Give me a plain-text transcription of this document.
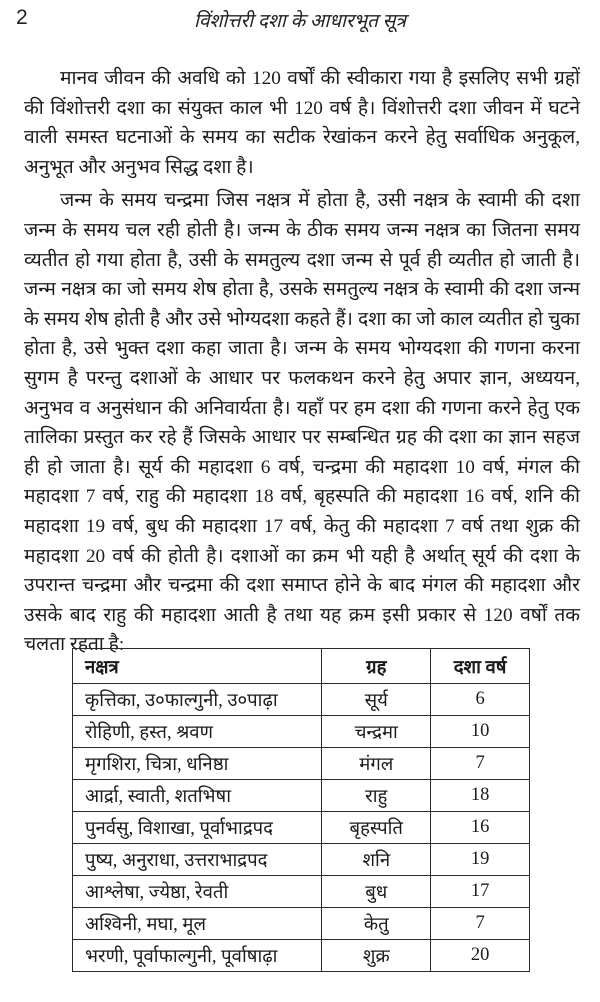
2	विंशोत्तरी दशा के आधारभूत सूत्र

मानव जीवन की अवधि को 120 वर्षों की स्वीकारा गया है इसलिए सभी ग्रहों की विंशोत्तरी दशा का संयुक्त काल भी 120 वर्ष है। विंशोत्तरी दशा जीवन में घटने वाली समस्त घटनाओं के समय का सटीक रेखांकन करने हेतु सर्वाधिक अनुकूल, अनुभूत और अनुभव सिद्ध दशा है।

जन्म के समय चन्द्रमा जिस नक्षत्र में होता है, उसी नक्षत्र के स्वामी की दशा जन्म के समय चल रही होती है। जन्म के ठीक समय जन्म नक्षत्र का जितना समय व्यतीत हो गया होता है, उसी के समतुल्य दशा जन्म से पूर्व ही व्यतीत हो जाती है। जन्म नक्षत्र का जो समय शेष होता है, उसके समतुल्य नक्षत्र के स्वामी की दशा जन्म के समय शेष होती है और उसे भोग्यदशा कहते हैं। दशा का जो काल व्यतीत हो चुका होता है, उसे भुक्त दशा कहा जाता है। जन्म के समय भोग्यदशा की गणना करना सुगम है परन्तु दशाओं के आधार पर फलकथन करने हेतु अपार ज्ञान, अध्ययन, अनुभव व अनुसंधान की अनिवार्यता है। यहाँ पर हम दशा की गणना करने हेतु एक तालिका प्रस्तुत कर रहे हैं जिसके आधार पर सम्बन्धित ग्रह की दशा का ज्ञान सहज ही हो जाता है। सूर्य की महादशा 6 वर्ष, चन्द्रमा की महादशा 10 वर्ष, मंगल की महादशा 7 वर्ष, राहु की महादशा 18 वर्ष, बृहस्पति की महादशा 16 वर्ष, शनि की महादशा 19 वर्ष, बुध की महादशा 17 वर्ष, केतु की महादशा 7 वर्ष तथा शुक्र की महादशा 20 वर्ष की होती है। दशाओं का क्रम भी यही है अर्थात् सूर्य की दशा के उपरान्त चन्द्रमा और चन्द्रमा की दशा समाप्त होने के बाद मंगल की महादशा और उसके बाद राहु की महादशा आती है तथा यह क्रम इसी प्रकार से 120 वर्षों तक चलता रहता है:

नक्षत्र	ग्रह	दशा वर्ष
कृत्तिका, उ०फाल्गुनी, उ०पाढ़ा	सूर्य	6
रोहिणी, हस्त, श्रवण	चन्द्रमा	10
मृगशिरा, चित्रा, धनिष्ठा	मंगल	7
आर्द्रा, स्वाती, शतभिषा	राहु	18
पुनर्वसु, विशाखा, पूर्वाभाद्रपद	बृहस्पति	16
पुष्य, अनुराधा, उत्तराभाद्रपद	शनि	19
आश्लेषा, ज्येष्ठा, रेवती	बुध	17
अश्विनी, मघा, मूल	केतु	7
भरणी, पूर्वाफाल्गुनी, पूर्वाषाढ़ा	शुक्र	20
